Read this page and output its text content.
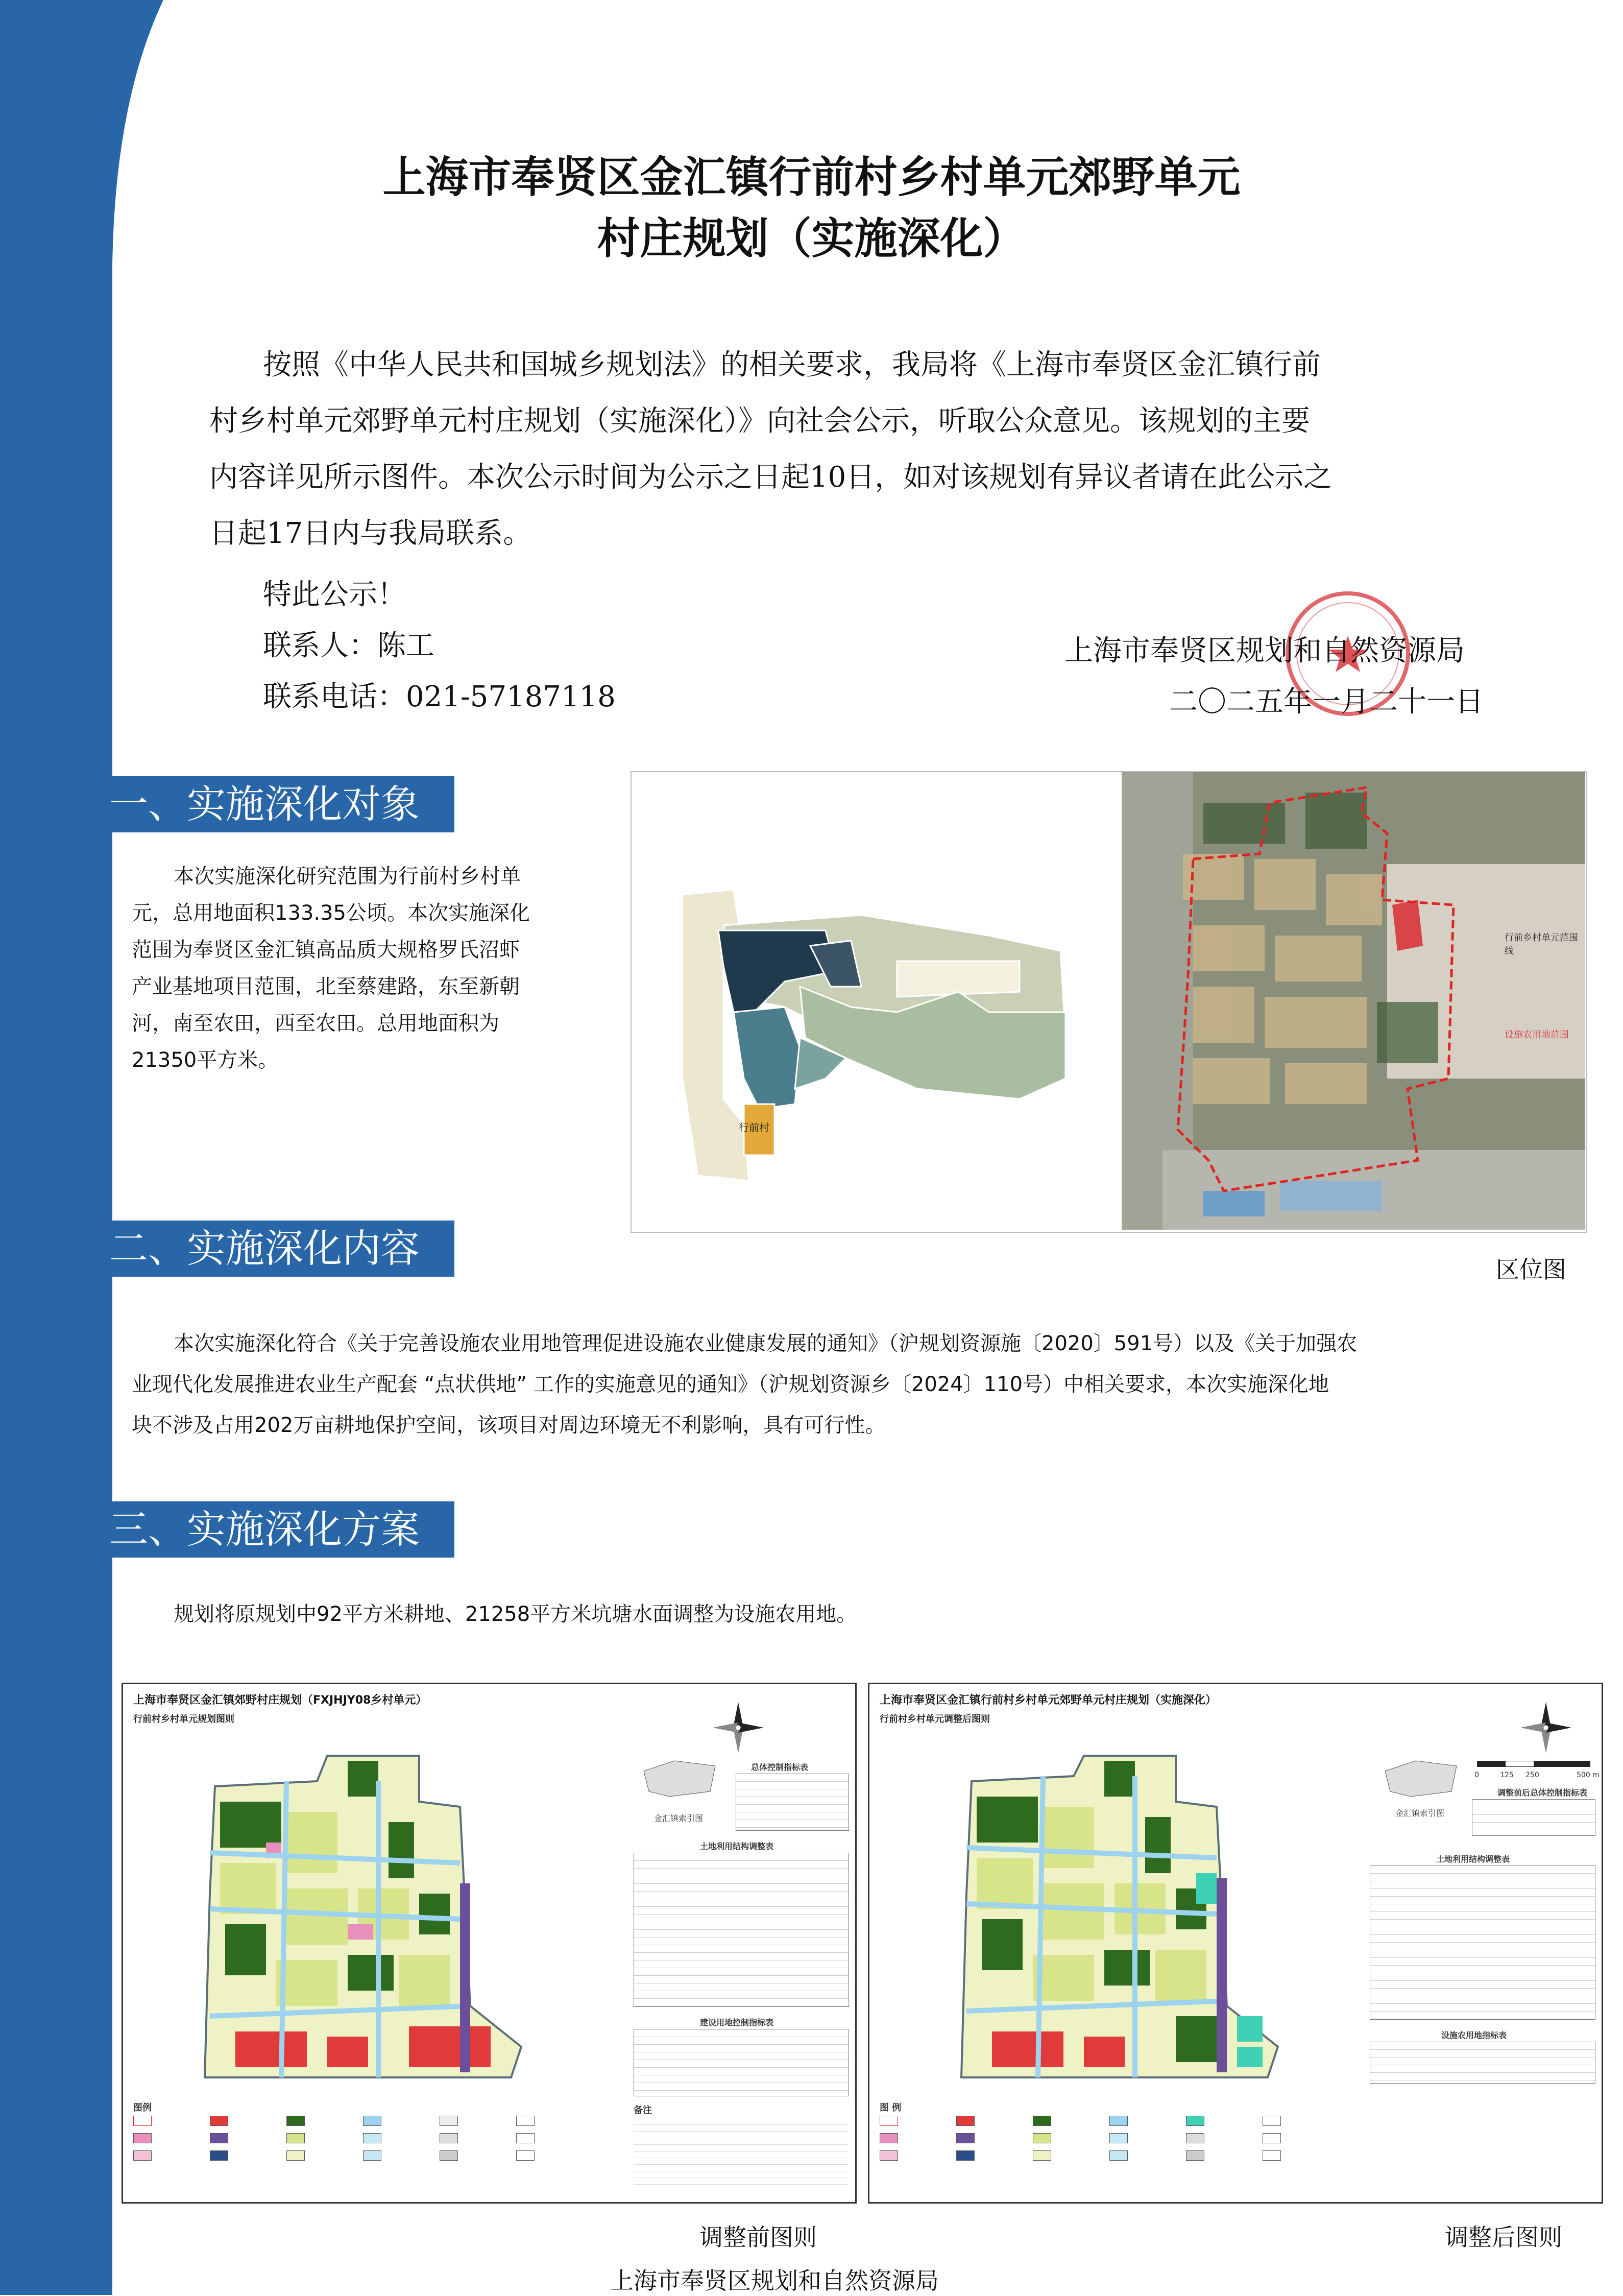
上海市奉贤区金汇镇行前村乡村单元郊野单元
村庄规划（实施深化）
按照《中华人民共和国城乡规划法》的相关要求，我局将《上海市奉贤区金汇镇行前
村乡村单元郊野单元村庄规划（实施深化）》向社会公示，听取公众意见。该规划的主要
内容详见所示图件。本次公示时间为公示之日起10日，如对该规划有异议者请在此公示之
日起17日内与我局联系。
特此公示！
联系人：陈工
联系电话：021-57187118
上海市奉贤区规划和自然资源局
二〇二五年一月二十一日
一、实施深化对象
本次实施深化研究范围为行前村乡村单
元，总用地面积133.35公顷。本次实施深化
范围为奉贤区金汇镇高品质大规格罗氏沼虾
产业基地项目范围，北至蔡建路，东至新朝
河，南至农田，西至农田。总用地面积为
21350平方米。
行前村
行前乡村单元范围线
设施农用地范围
区位图
二、实施深化内容
本次实施深化符合《关于完善设施农业用地管理促进设施农业健康发展的通知》（沪规划资源施〔2020〕591号）以及《关于加强农
业现代化发展推进农业生产配套 “点状供地” 工作的实施意见的通知》（沪规划资源乡〔2024〕110号）中相关要求，本次实施深化地
块不涉及占用202万亩耕地保护空间，该项目对周边环境无不利影响，具有可行性。
三、实施深化方案
规划将原规划中92平方米耕地、21258平方米坑塘水面调整为设施农用地。
上海市奉贤区金汇镇郊野村庄规划（FXJHJY08乡村单元）
行前村乡村单元规划图则
金汇镇索引图
总体控制指标表
土地利用结构调整表
建设用地控制指标表
图例	备注
调整前图则
上海市奉贤区金汇镇行前村乡村单元郊野单元村庄规划（实施深化）
行前村乡村单元调整后图则
0	125 250	500 m
金汇镇索引图
调整前后总体控制指标表
土地利用结构调整表
设施农用地指标表
图 例
调整后图则
上海市奉贤区规划和自然资源局
